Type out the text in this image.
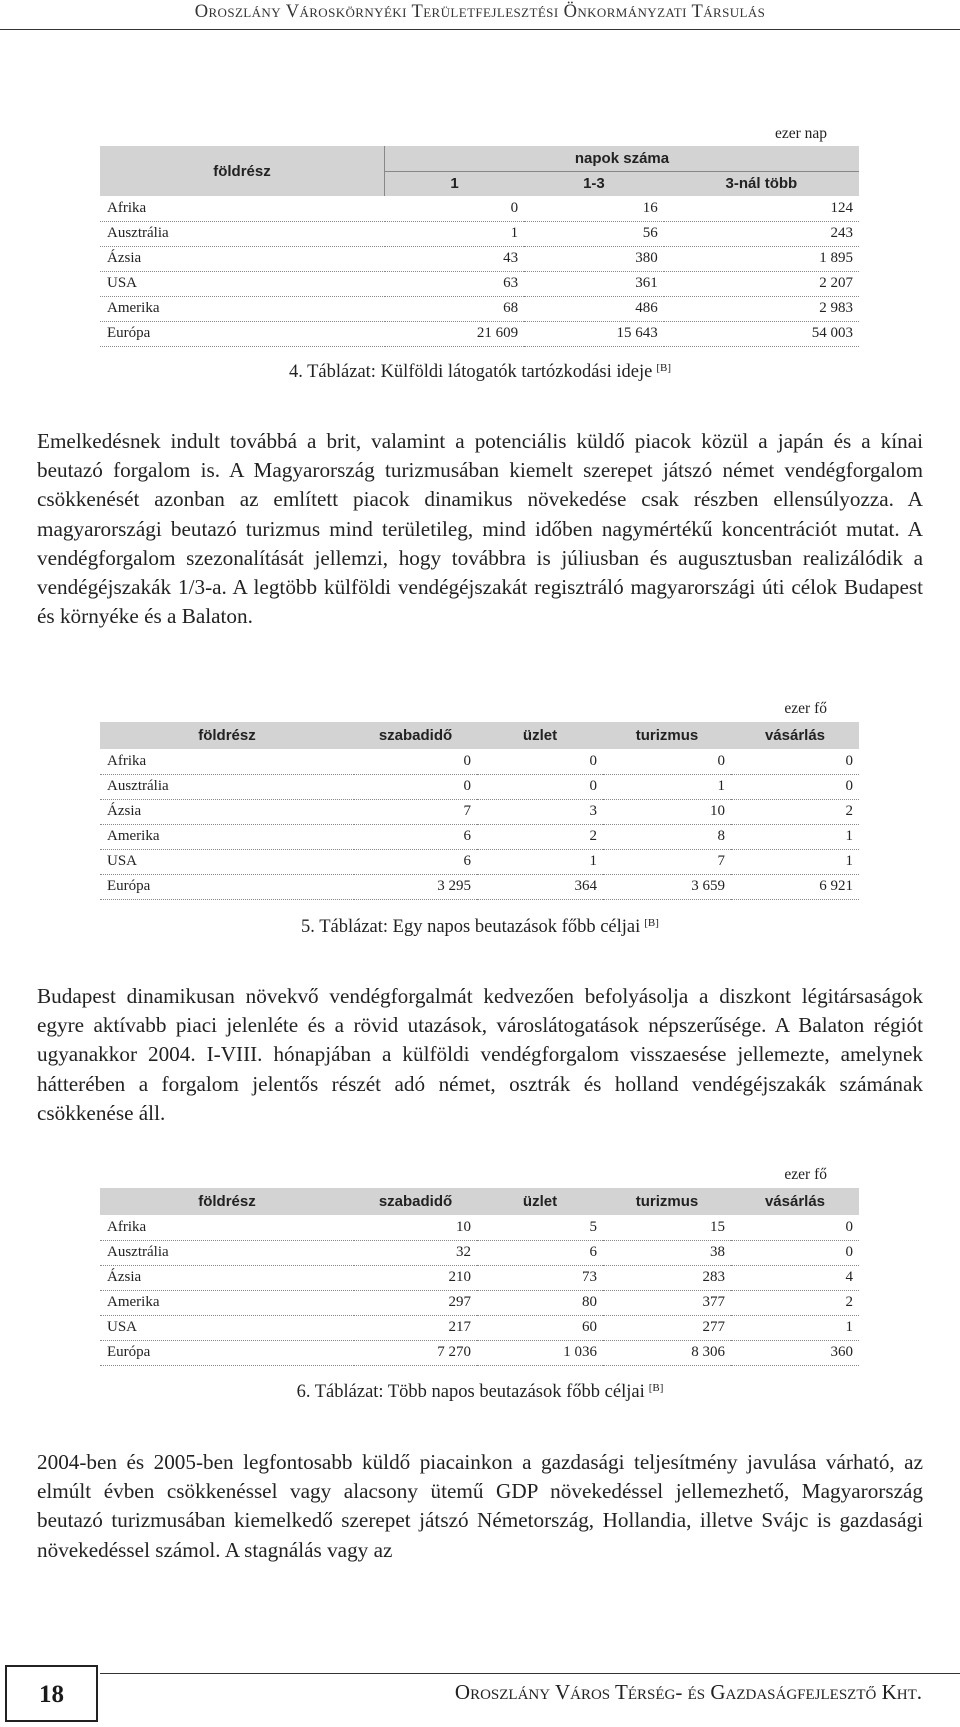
Oroszlány Városkörnyéki Területfejlesztési Önkormányzati Társulás
ezer nap
földrész	napok száma		
	1	1-3	3-nál több
Afrika	0	16	124
Ausztrália	1	56	243
Ázsia	43	380	1 895
USA	63	361	2 207
Amerika	68	486	2 983
Európa	21 609	15 643	54 003
4. Táblázat: Külföldi látogatók tartózkodási ideje [B]
Emelkedésnek indult továbbá a brit, valamint a potenciális küldő piacok közül a japán és a kínai beutazó forgalom is. A Magyarország turizmusában kiemelt szerepet játszó német vendégforgalom csökkenését azonban az említett piacok dinamikus növekedése csak részben ellensúlyozza. A magyarországi beutazó turizmus mind területileg, mind időben nagymértékű koncentrációt mutat. A vendégforgalom szezonalítását jellemzi, hogy továbbra is júliusban és augusztusban realizálódik a vendégéjszakák 1/3-a. A legtöbb külföldi vendégéjszakát regisztráló magyarországi úti célok Budapest és környéke és a Balaton.
ezer fő
földrész	szabadidő	üzlet	turizmus	vásárlás
Afrika	0	0	0	0
Ausztrália	0	0	1	0
Ázsia	7	3	10	2
Amerika	6	2	8	1
USA	6	1	7	1
Európa	3 295	364	3 659	6 921
5. Táblázat: Egy napos beutazások főbb céljai [B]
Budapest dinamikusan növekvő vendégforgalmát kedvezően befolyásolja a diszkont légitársaságok egyre aktívabb piaci jelenléte és a rövid utazások, városlátogatások népszerűsége. A Balaton régiót ugyanakkor 2004. I-VIII. hónapjában a külföldi vendégforgalom visszaesése jellemezte, amelynek hátterében a forgalom jelentős részét adó német, osztrák és holland vendégéjszakák számának csökkenése áll.
ezer fő
földrész	szabadidő	üzlet	turizmus	vásárlás
Afrika	10	5	15	0
Ausztrália	32	6	38	0
Ázsia	210	73	283	4
Amerika	297	80	377	2
USA	217	60	277	1
Európa	7 270	1 036	8 306	360
6. Táblázat: Több napos beutazások főbb céljai [B]
2004-ben és 2005-ben legfontosabb küldő piacainkon a gazdasági teljesítmény javulása várható, az elmúlt évben csökkenéssel vagy alacsony ütemű GDP növekedéssel jellemezhető, Magyarország beutazó turizmusában kiemelkedő szerepet játszó Németország, Hollandia, illetve Svájc is gazdasági növekedéssel számol. A stagnálás vagy az
18	Oroszlány Város Térség- és Gazdaságfejlesztő Kht.
